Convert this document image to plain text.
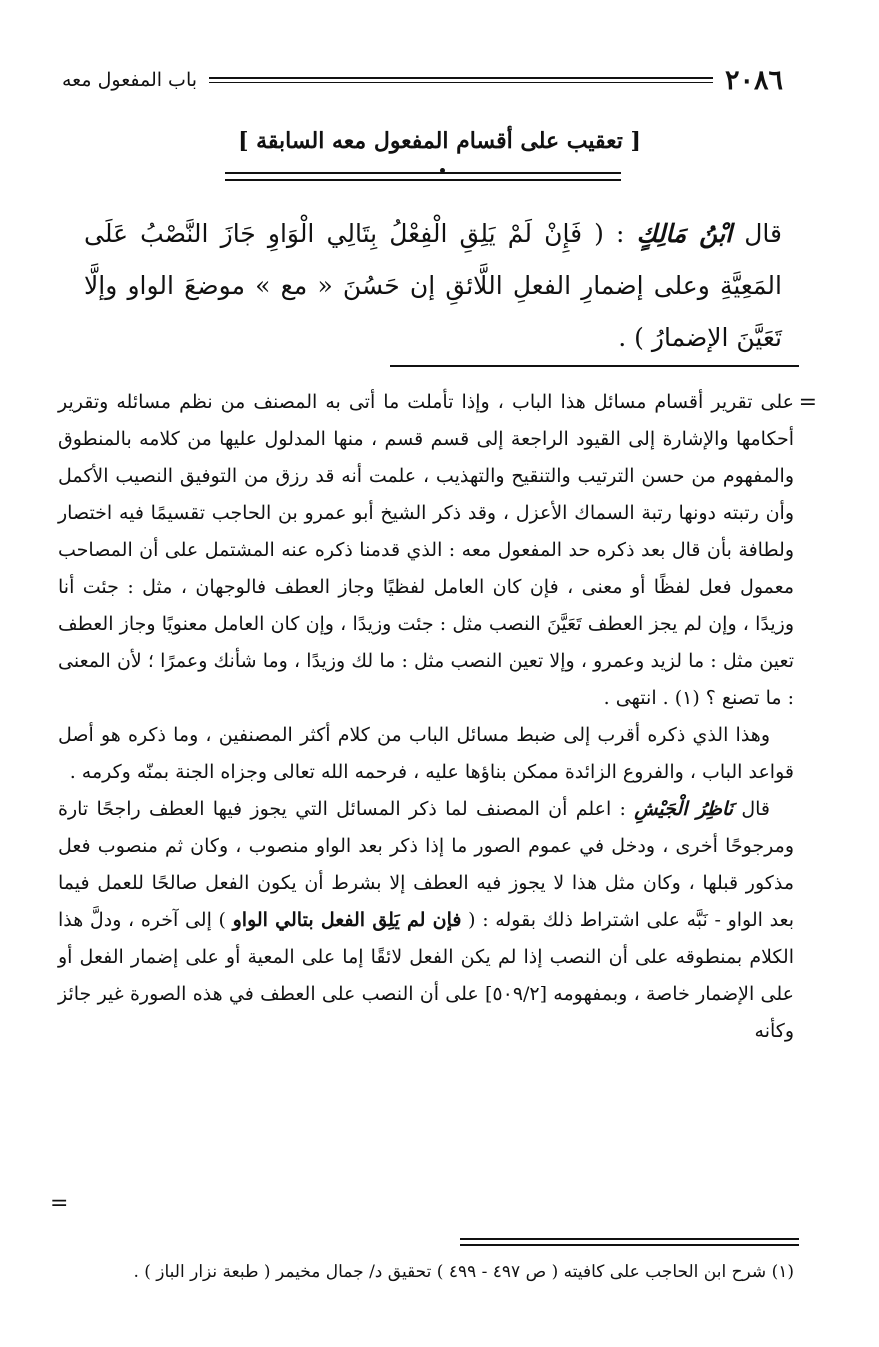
٢٠٨٦
باب المفعول معه
[ تعقيب على أقسام المفعول معه السابقة ]
قال ابْنُ مَالِكٍ : ( فَإِنْ لَمْ يَلِقِ الْفِعْلُ بِتَالِي الْوَاوِ جَازَ النَّصْبُ عَلَى المَعِيَّةِ وعلى إضمارِ الفعلِ اللَّائقِ إن حَسُنَ « مع » موضعَ الواو وإلَّا تَعَيَّنَ الإضمارُ ) .
=

على تقرير أقسام مسائل هذا الباب ، وإذا تأملت ما أتى به المصنف من نظم مسائله وتقرير أحكامها والإشارة إلى القيود الراجعة إلى قسم قسم ، منها المدلول عليها من كلامه بالمنطوق والمفهوم من حسن الترتيب والتنقيح والتهذيب ، علمت أنه قد رزق من التوفيق النصيب الأكمل وأن رتبته دونها رتبة السماك الأعزل ، وقد ذكر الشيخ أبو عمرو بن الحاجب تقسيمًا فيه اختصار ولطافة بأن قال بعد ذكره حد المفعول معه : الذي قدمنا ذكره عنه المشتمل على أن المصاحب معمول فعل لفظًا أو معنى ، فإن كان العامل لفظيًا وجاز العطف فالوجهان ، مثل : جئت أنا وزيدًا ، وإن لم يجز العطف تَعَيَّنَ النصب مثل : جئت وزيدًا ، وإن كان العامل معنويًا وجاز العطف تعين مثل : ما لزيد وعمرو ، وإلا تعين النصب مثل : ما لك وزيدًا ، وما شأنك وعمرًا ؛ لأن المعنى : ما تصنع ؟ (١) . انتهى .

وهذا الذي ذكره أقرب إلى ضبط مسائل الباب من كلام أكثر المصنفين ، وما ذكره هو أصل قواعد الباب ، والفروع الزائدة ممكن بناؤها عليه ، فرحمه الله تعالى وجزاه الجنة بمنّه وكرمه .

قال نَاظِرُ الْجَيْشِ : اعلم أن المصنف لما ذكر المسائل التي يجوز فيها العطف راجحًا تارة ومرجوحًا أخرى ، ودخل في عموم الصور ما إذا ذكر بعد الواو منصوب ، وكان ثم منصوب فعل مذكور قبلها ، وكان مثل هذا لا يجوز فيه العطف إلا بشرط أن يكون الفعل صالحًا للعمل فيما بعد الواو - نَبَّه على اشتراط ذلك بقوله : ( فإن لم يَلِق الفعل بتالي الواو ) إلى آخره ، ودلَّ هذا الكلام بمنطوقه على أن النصب إذا لم يكن الفعل لائقًا إما على المعية أو على إضمار الفعل أو على الإضمار خاصة ، وبمفهومه [٥٠٩/٢] على أن النصب على العطف في هذه الصورة غير جائز وكأنه

=
(١) شرح ابن الحاجب على كافيته ( ص ٤٩٧ - ٤٩٩ ) تحقيق د/ جمال مخيمر ( طبعة نزار الباز ) .
